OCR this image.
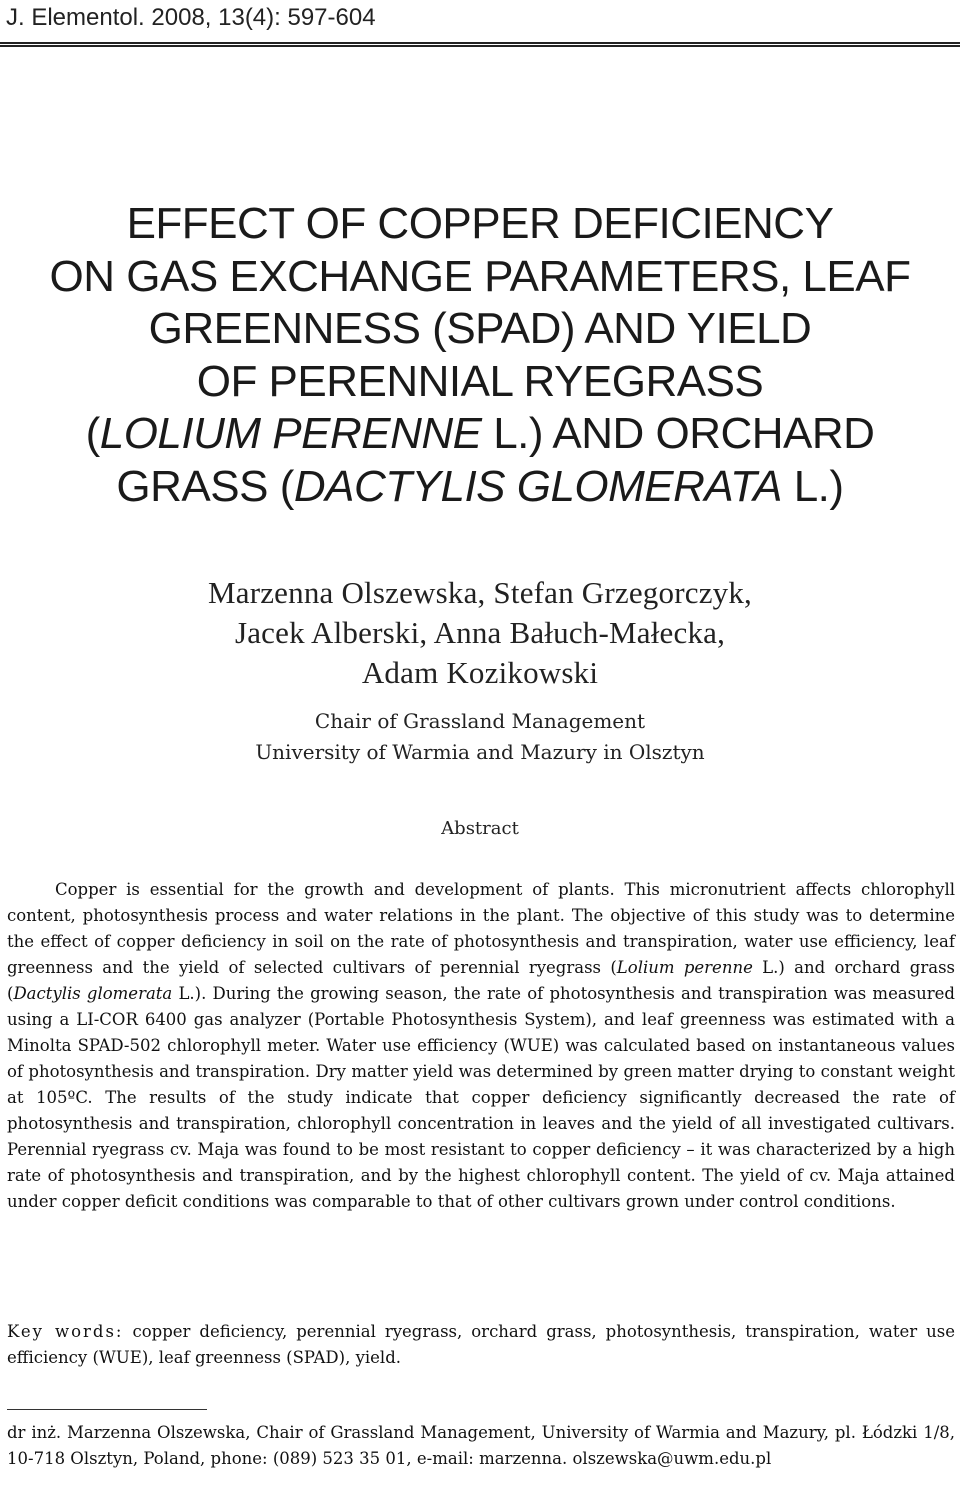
J. Elementol. 2008, 13(4): 597-604
EFFECT OF COPPER DEFICIENCY
ON GAS EXCHANGE PARAMETERS, LEAF
GREENNESS (SPAD) AND YIELD
OF PERENNIAL RYEGRASS
(LOLIUM PERENNE L.) AND ORCHARD
GRASS (DACTYLIS GLOMERATA L.)
Marzenna Olszewska, Stefan Grzegorczyk,
Jacek Alberski, Anna Bałuch-Małecka,
Adam Kozikowski
Chair of Grassland Management
University of Warmia and Mazury in Olsztyn
Abstract

Copper is essential for the growth and development of plants. This micronutrient affects chlorophyll content, photosynthesis process and water relations in the plant. The objective of this study was to determine the effect of copper deficiency in soil on the rate of photosynthesis and transpiration, water use efficiency, leaf greenness and the yield of selected cultivars of perennial ryegrass (Lolium perenne L.) and orchard grass (Dactylis glomerata L.). During the growing season, the rate of photosynthesis and transpiration was measured using a LI-COR 6400 gas analyzer (Portable Photosynthesis System), and leaf greenness was estimated with a Minolta SPAD-502 chlorophyll meter. Water use efficiency (WUE) was calculated based on instantaneous values of photosynthesis and transpiration. Dry matter yield was determined by green matter drying to constant weight at 105ºC. The results of the study indicate that copper deficiency significantly decreased the rate of photosynthesis and transpiration, chlorophyll concentration in leaves and the yield of all investigated cultivars. Perennial ryegrass cv. Maja was found to be most resistant to copper deficiency – it was characterized by a high rate of photosynthesis and transpiration, and by the highest chlorophyll content. The yield of cv. Maja attained under copper deficit conditions was comparable to that of other cultivars grown under control conditions.

Key words: copper deficiency, perennial ryegrass, orchard grass, photosynthesis, transpiration, water use efficiency (WUE), leaf greenness (SPAD), yield.
dr inż. Marzenna Olszewska, Chair of Grassland Management, University of Warmia and Mazury, pl. Łódzki 1/8, 10-718 Olsztyn, Poland, phone: (089) 523 35 01, e-mail: marzenna. olszewska@uwm.edu.pl
